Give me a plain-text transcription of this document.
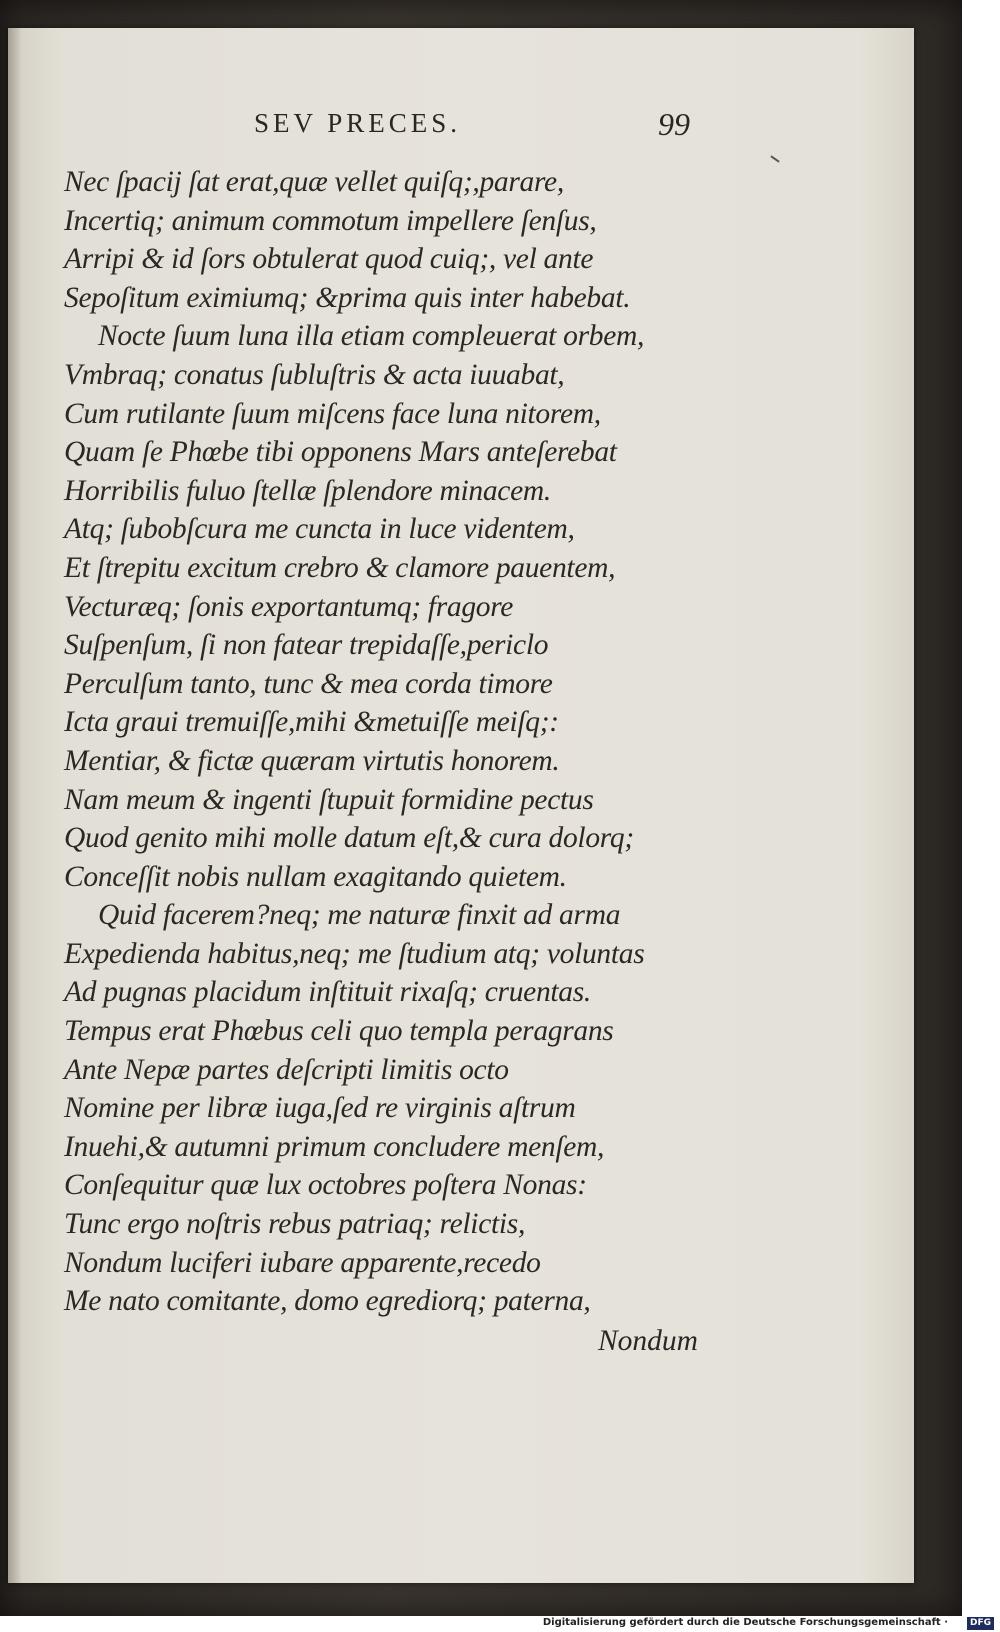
SEV PRECES.	99
Nec ſpacij ſat erat,quæ vellet quiſq;,parare,
Incertiq; animum commotum impellere ſenſus,
Arripi & id ſors obtulerat quod cuiq;, vel ante
Sepoſitum eximiumq; &prima quis inter habebat.
Nocte ſuum luna illa etiam compleuerat orbem,
Vmbraq; conatus ſubluſtris & acta iuuabat,
Cum rutilante ſuum miſcens face luna nitorem,
Quam ſe Phœbe tibi opponens Mars anteſerebat
Horribilis fuluo ſtellæ ſplendore minacem.
Atq; ſubobſcura me cuncta in luce videntem,
Et ſtrepitu excitum crebro & clamore pauentem,
Vecturæq; ſonis exportantumq; fragore
Suſpenſum, ſi non fatear trepidaſſe,periclo
Perculſum tanto, tunc & mea corda timore
Icta graui tremuiſſe,mihi &metuiſſe meiſq;:
Mentiar, & fictæ quæram virtutis honorem.
Nam meum & ingenti ſtupuit formidine pectus
Quod genito mihi molle datum eſt,& cura dolorq;
Conceſſit nobis nullam exagitando quietem.
Quid facerem?neq; me naturæ finxit ad arma
Expedienda habitus,neq; me ſtudium atq; voluntas
Ad pugnas placidum inſtituit rixaſq; cruentas.
Tempus erat Phœbus celi quo templa peragrans
Ante Nepæ partes deſcripti limitis octo
Nomine per libræ iuga,ſed re virginis aſtrum
Inuehi,& autumni primum concludere menſem,
Conſequitur quæ lux octobres poſtera Nonas:
Tunc ergo noſtris rebus patriaq; relictis,
Nondum luciferi iubare apparente,recedo
Me nato comitante, domo egrediorq; paterna,
Nondum
Digitalisierung gefördert durch die Deutsche Forschungsgemeinschaft ·	DFG
